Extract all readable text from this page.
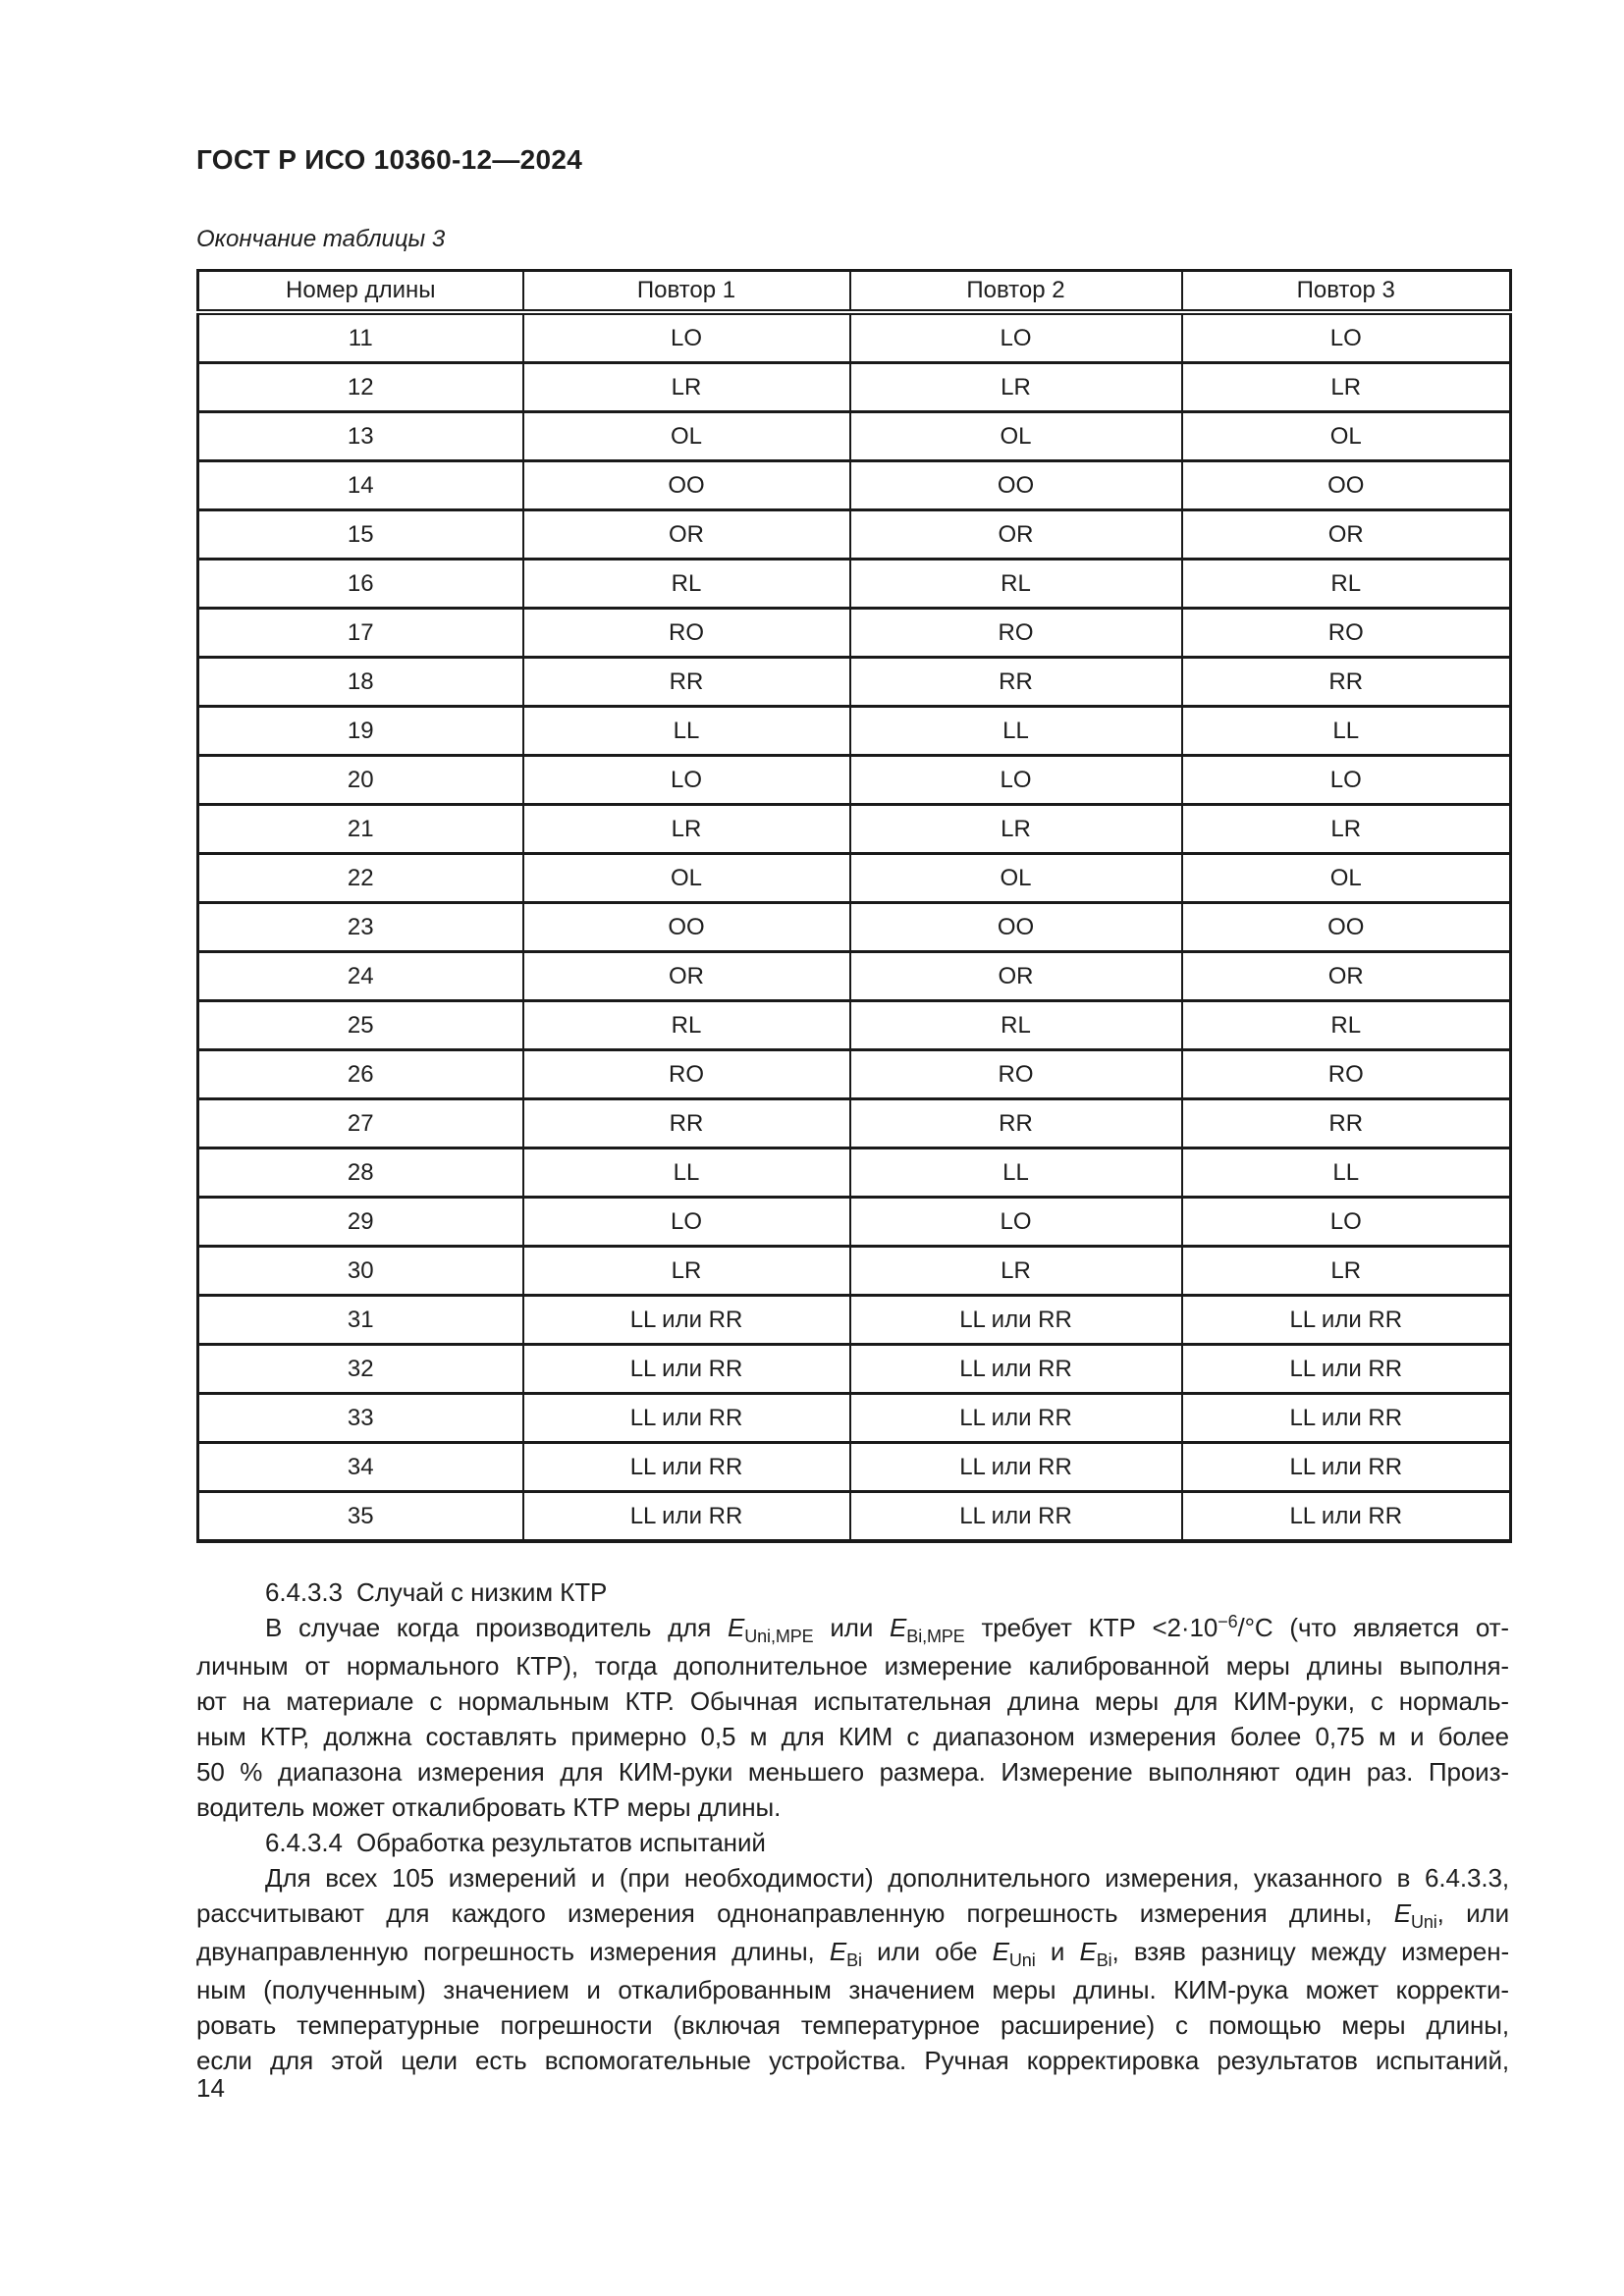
ГОСТ Р ИСО 10360-12—2024
Окончание таблицы 3
Номер длины	Повтор 1	Повтор 2	Повтор 3
11	LO	LO	LO
12	LR	LR	LR
13	OL	OL	OL
14	OO	OO	OO
15	OR	OR	OR
16	RL	RL	RL
17	RO	RO	RO
18	RR	RR	RR
19	LL	LL	LL
20	LO	LO	LO
21	LR	LR	LR
22	OL	OL	OL
23	OO	OO	OO
24	OR	OR	OR
25	RL	RL	RL
26	RO	RO	RO
27	RR	RR	RR
28	LL	LL	LL
29	LO	LO	LO
30	LR	LR	LR
31	LL или RR	LL или RR	LL или RR
32	LL или RR	LL или RR	LL или RR
33	LL или RR	LL или RR	LL или RR
34	LL или RR	LL или RR	LL или RR
35	LL или RR	LL или RR	LL или RR
6.4.3.3  Случай с низким КТР
В случае когда производитель для $E_{Uni,MPE}$ или $E_{Bi,MPE}$ требует КТР $<2\cdot 10^{-6}/^\circ С$ (что является от-
личным от нормального КТР), тогда дополнительное измерение калиброванной меры длины выполня-
ют на материале с нормальным КТР. Обычная испытательная длина меры для КИМ-руки, с нормаль-
ным КТР, должна составлять примерно 0,5 м для КИМ с диапазоном измерения более 0,75 м и более
50 % диапазона измерения для КИМ-руки меньшего размера. Измерение выполняют один раз. Произ-
водитель может откалибровать КТР меры длины.
6.4.3.4  Обработка результатов испытаний
Для всех 105 измерений и (при необходимости) дополнительного измерения, указанного в 6.4.3.3,
рассчитывают для каждого измерения однонаправленную погрешность измерения длины, $E_{Uni}$, или
двунаправленную погрешность измерения длины, $E_{Bi}$ или обе $E_{Uni}$ и $E_{Bi}$, взяв разницу между измерен-
ным (полученным) значением и откалиброванным значением меры длины. КИМ-рука может корректи-
ровать температурные погрешности (включая температурное расширение) с помощью меры длины,
если для этой цели есть вспомогательные устройства. Ручная корректировка результатов испытаний,
14
